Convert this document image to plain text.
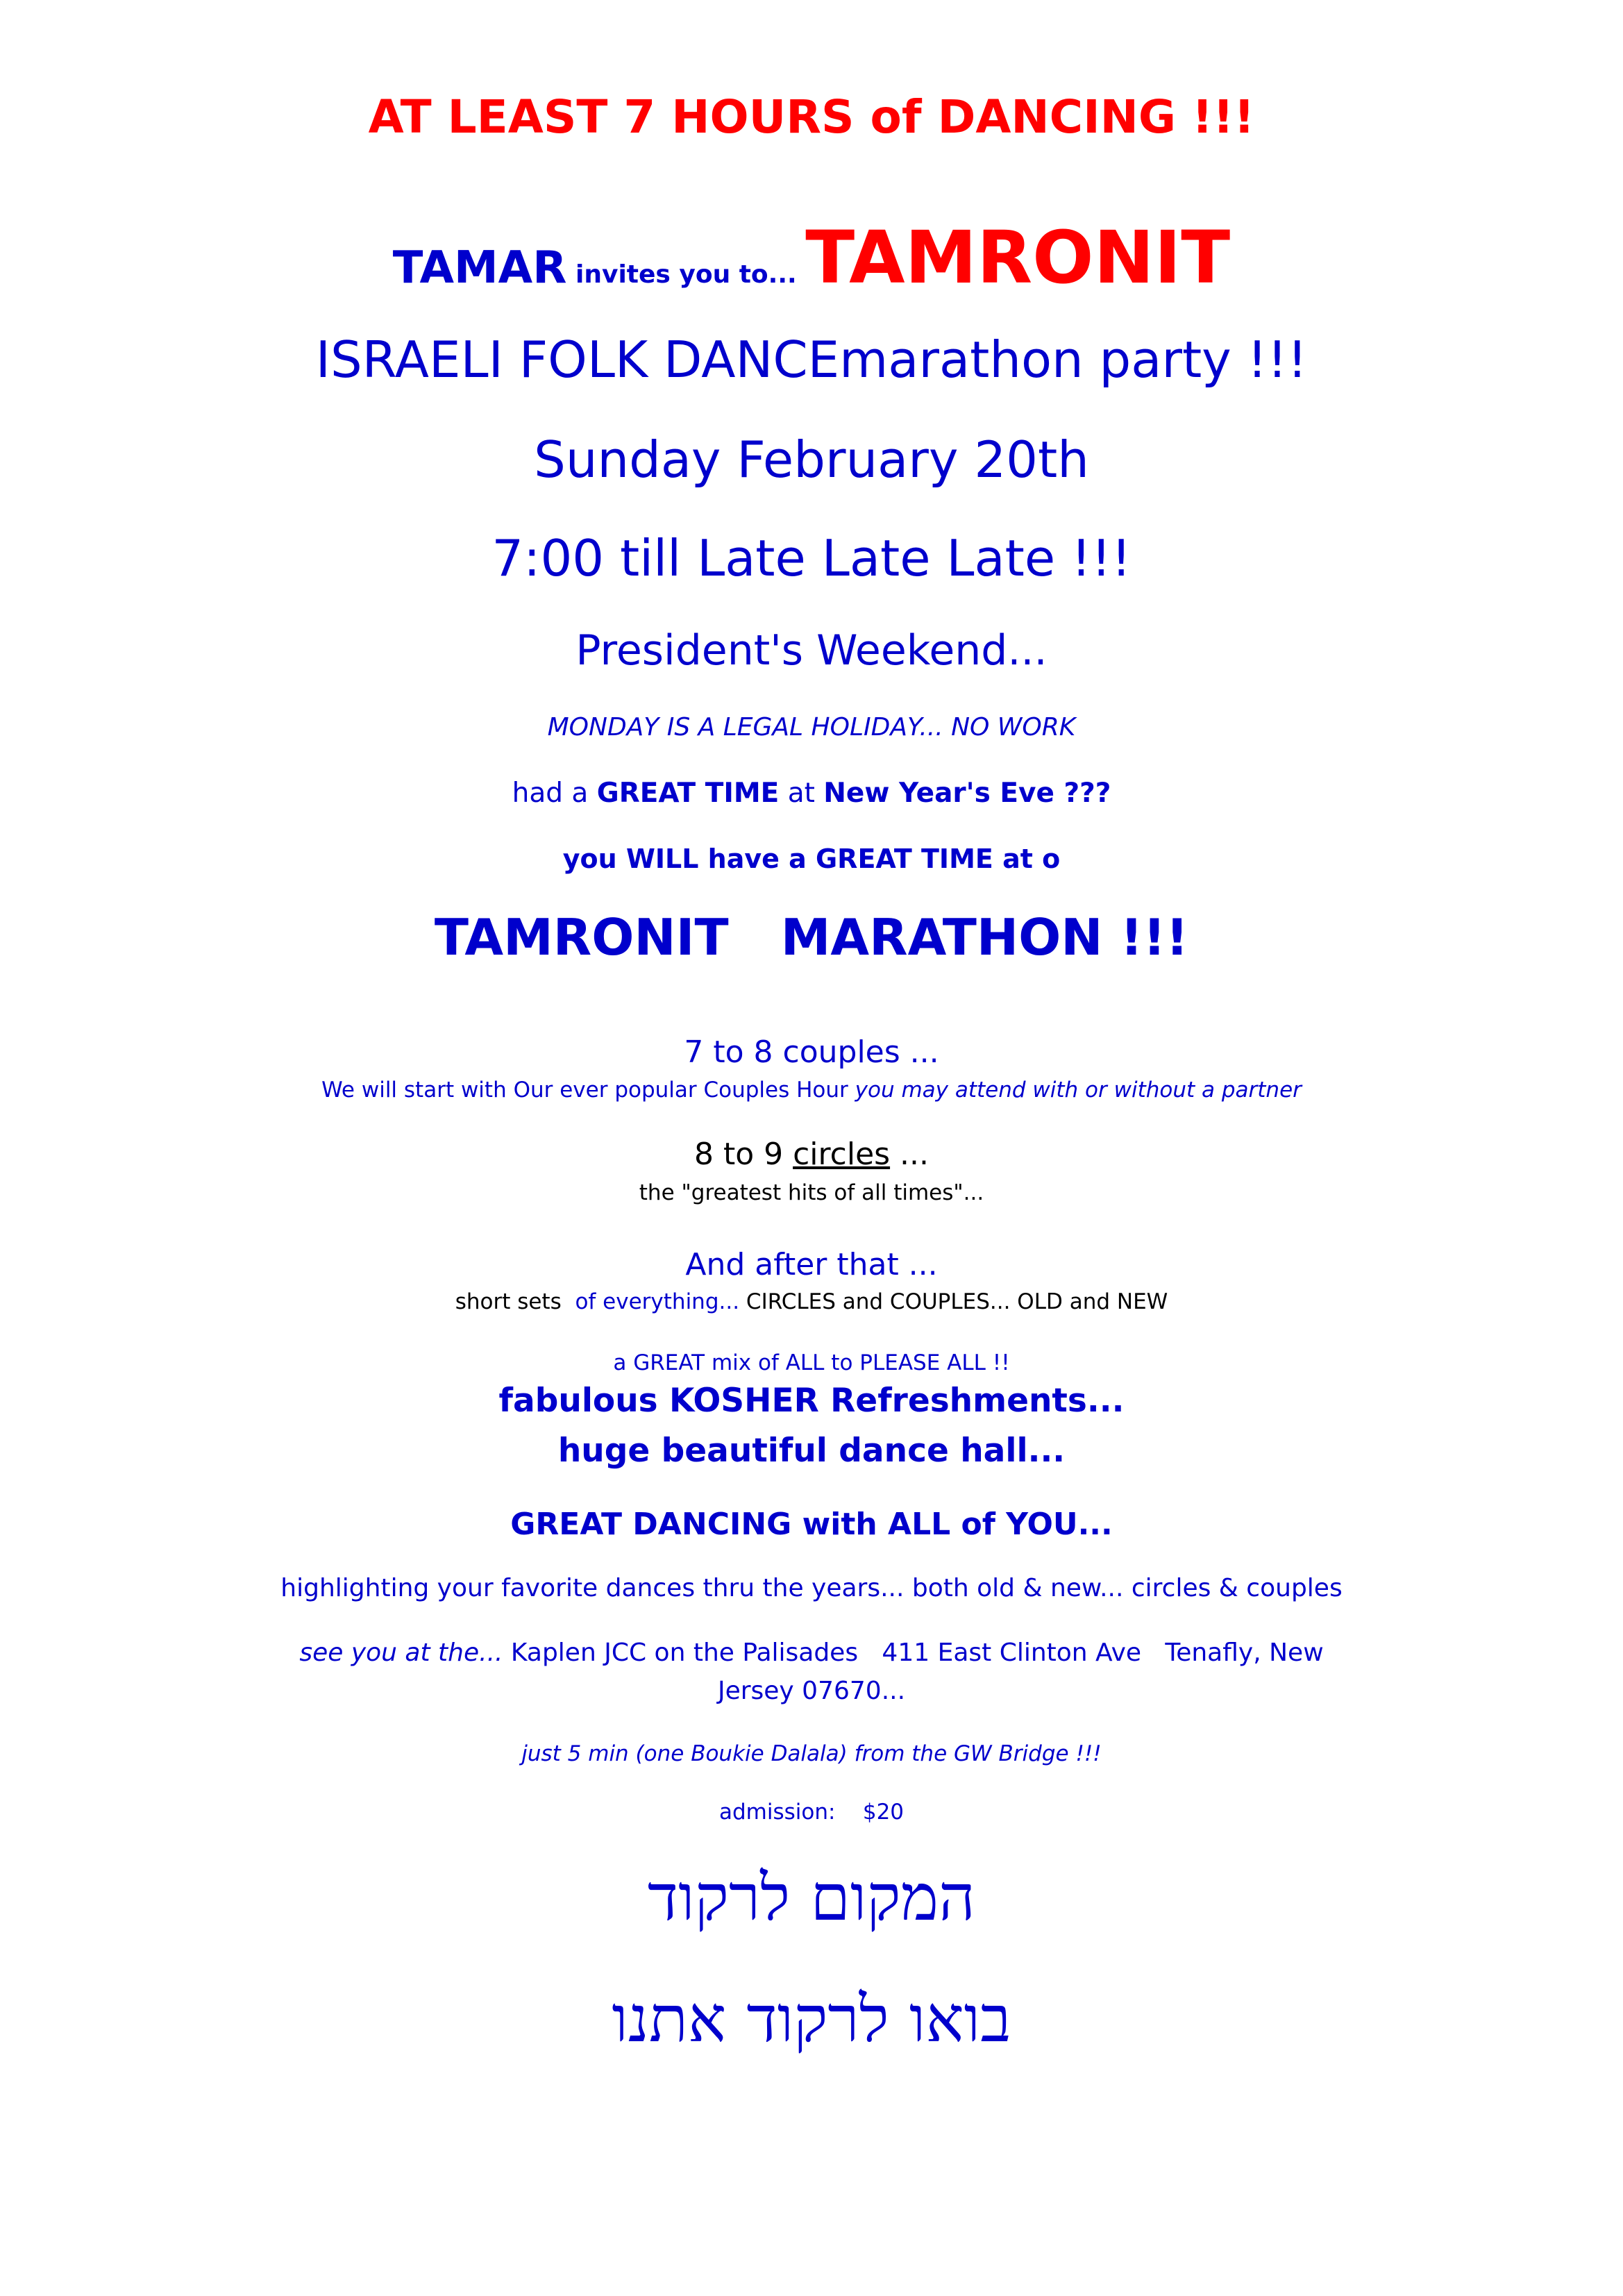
AT LEAST 7 HOURS of DANCING !!!
TAMAR invites you to... TAMRONIT
ISRAELI FOLK DANCEmarathon party !!!
Sunday February 20th
7:00 till Late Late Late !!!
President's Weekend...
MONDAY IS A LEGAL HOLIDAY... NO WORK
had a GREAT TIME at New Year's Eve ???
you WILL have a GREAT TIME at o
TAMRONIT   MARATHON !!!
7 to 8 couples ...
We will start with Our ever popular Couples Hour you may attend with or without a partner
8 to 9 circles ...
the "greatest hits of all times"...
And after that ...
short sets  of everything... CIRCLES and COUPLES... OLD and NEW
a GREAT mix of ALL to PLEASE ALL !!
fabulous KOSHER Refreshments...
huge beautiful dance hall...
GREAT DANCING with ALL of YOU...
highlighting your favorite dances thru the years... both old & new... circles & couples
see you at the... Kaplen JCC on the Palisades   411 East Clinton Ave   Tenafly, New
Jersey 07670...
just 5 min (one Boukie Dalala) from the GW Bridge !!!
admission: $20
המקום לרקוד
בואו לרקוד אתנו
